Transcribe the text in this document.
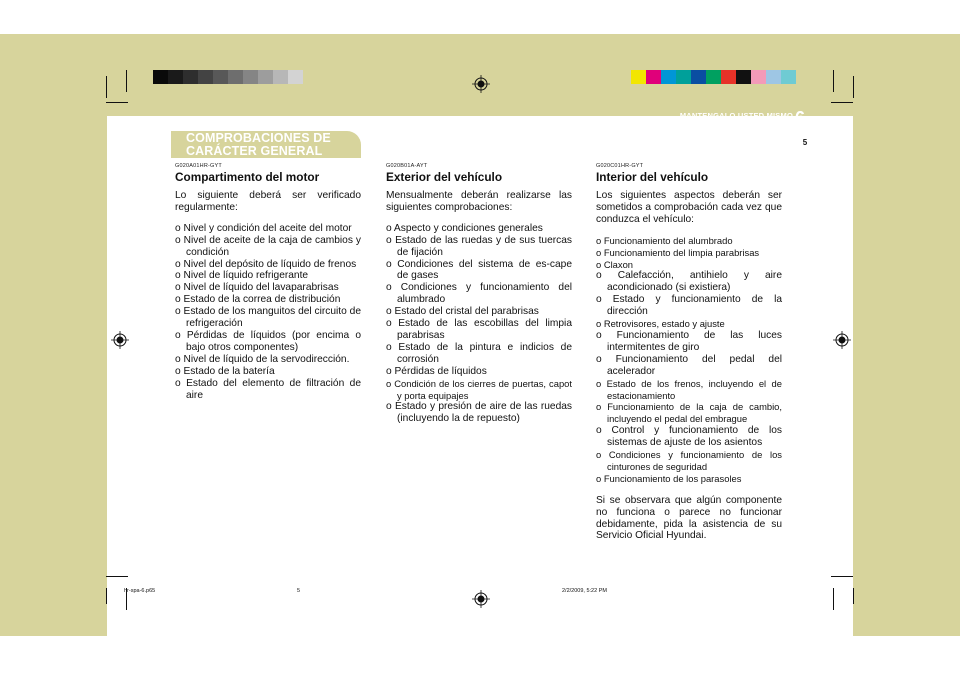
MANTENGALO USTED MISMO 6
5
COMPROBACIONES DE
CARÁCTER GENERAL
G020A01HR-GYT
Compartimento del motor
Lo siguiente deberá ser verificado regularmente:
o Nivel y condición del aceite del motor
o Nivel de aceite de la caja de cambios y condición
o Nivel del depósito de líquido de frenos
o Nivel de líquido refrigerante
o Nivel de líquido del lavaparabrisas
o Estado de la correa de distribución
o Estado de los manguitos del circuito de refrigeración
o Pérdidas de líquidos (por encima o bajo otros componentes)
o Nivel de líquido de la servodirección.
o Estado de la batería
o Estado del elemento de filtración de aire
G020B01A-AYT
Exterior del vehículo
Mensualmente deberán realizarse las siguientes comprobaciones:
o Aspecto y condiciones generales
o Estado de las ruedas y de sus tuercas de fijación
o Condiciones del sistema de es-cape de gases
o Condiciones y funcionamiento del alumbrado
o Estado del cristal del parabrisas
o Estado de las escobillas del limpia parabrisas
o Estado de la pintura e indicios de corrosión
o Pérdidas de líquidos
o Condición de los cierres de puertas, capot y porta equipajes
o Estado y presión de aire de las ruedas (incluyendo la de repuesto)
G020C01HR-GYT
Interior del vehículo
Los siguientes aspectos deberán ser sometidos a comprobación cada vez que conduzca el vehículo:
o Funcionamiento del alumbrado
o Funcionamiento del limpia parabrisas
o Claxon
o Calefacción, antihielo y aire acondicionado (si existiera)
o Estado y funcionamiento de la dirección
o Retrovisores, estado y ajuste
o Funcionamiento de las luces intermitentes de giro
o Funcionamiento del pedal del acelerador
o Estado de los frenos, incluyendo el de estacionamiento
o Funcionamiento de la caja de cambio, incluyendo el pedal del embrague
o Control y funcionamiento de los sistemas de ajuste de los asientos
o Condiciones y funcionamiento de los cinturones de seguridad
o Funcionamiento de los parasoles
Si se observara que algún componente no funciona o parece no funcionar debidamente, pida la asistencia de su Servicio Oficial Hyundai.
hr-spa-6.p65	5	2/2/2009, 5:22 PM
